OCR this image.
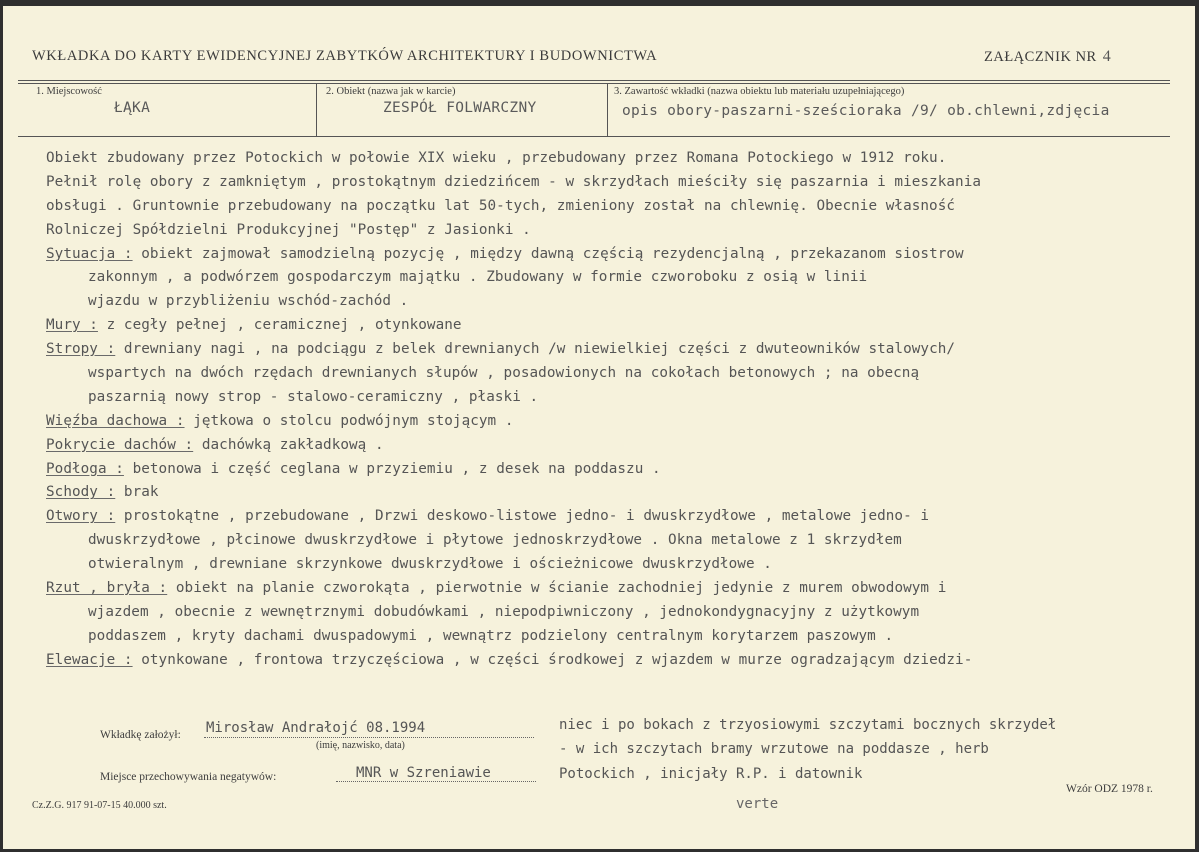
WKŁADKA DO KARTY EWIDENCYJNEJ ZABYTKÓW ARCHITEKTURY I BUDOWNICTWA	ZAŁĄCZNIK NR 4
1. Miejscowość
ŁĄKA
2. Obiekt (nazwa jak w karcie)
ZESPÓŁ FOLWARCZNY
3. Zawartość wkładki (nazwa obiektu lub materiału uzupełniającego)
opis obory-paszarni-sześcioraka /9/ ob.chlewni,zdjęcia
Obiekt zbudowany przez Potockich w połowie XIX wieku , przebudowany przez Romana Potockiego w 1912 roku.
Pełnił rolę obory z zamkniętym , prostokątnym dziedzińcem - w skrzydłach mieściły się paszarnia i mieszkania
obsługi . Gruntownie przebudowany na początku lat 50-tych, zmieniony został na chlewnię. Obecnie własność
Rolniczej Spółdzielni Produkcyjnej "Postęp" z Jasionki .
Sytuacja : obiekt zajmował samodzielną pozycję , między dawną częścią rezydencjalną , przekazanom siostrow
zakonnym , a podwórzem gospodarczym majątku . Zbudowany w formie czworoboku z osią w linii
wjazdu w przybliżeniu wschód-zachód .
Mury : z cegły pełnej , ceramicznej , otynkowane
Stropy : drewniany nagi , na podciągu z belek drewnianych /w niewielkiej części z dwuteowników stalowych/
wspartych na dwóch rzędach drewnianych słupów , posadowionych na cokołach betonowych ; na obecną
paszarnią nowy strop - stalowo-ceramiczny , płaski .
Więźba dachowa : jętkowa o stolcu podwójnym stojącym .
Pokrycie dachów : dachówką zakładkową .
Podłoga : betonowa i część ceglana w przyziemiu , z desek na poddaszu .
Schody : brak
Otwory : prostokątne , przebudowane , Drzwi deskowo-listowe jedno- i dwuskrzydłowe , metalowe jedno- i
dwuskrzydłowe , płcinowe dwuskrzydłowe i płytowe jednoskrzydłowe . Okna metalowe z 1 skrzydłem
otwieralnym , drewniane skrzynkowe dwuskrzydłowe i ościeżnicowe dwuskrzydłowe .
Rzut , bryła : obiekt na planie czworokąta , pierwotnie w ścianie zachodniej jedynie z murem obwodowym i
wjazdem , obecnie z wewnętrznymi dobudówkami , niepodpiwniczony , jednokondygnacyjny z użytkowym
poddaszem , kryty dachami dwuspadowymi , wewnątrz podzielony centralnym korytarzem paszowym .
Elewacje : otynkowane , frontowa trzyczęściowa , w części środkowej z wjazdem w murze ogradzającym dziedzi-
niec i po bokach z trzyosiowymi szczytami bocznych skrzydeł
- w ich szczytach bramy wrzutowe na poddasze , herb
Potockich , inicjały R.P. i datownik
Wkładkę założył: Mirosław Andrałojć 08.1994
(imię, nazwisko, data)
Miejsce przechowywania negatywów:	MNR w Szreniawie
Cz.Z.G. 917 91-07-15 40.000 szt.
Wzór ODZ 1978 r.
verte
